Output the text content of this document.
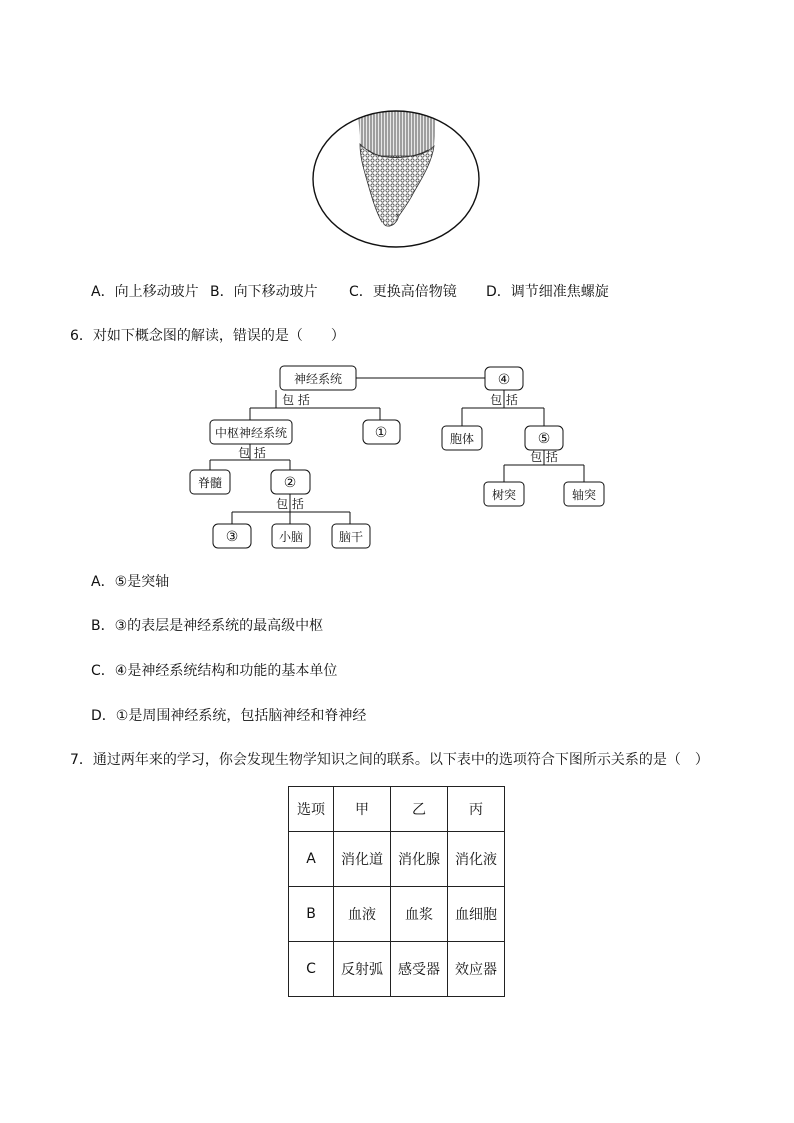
A．向上移动玻片 B．向下移动玻片 C．更换高倍物镜 D．调节细准焦螺旋
6．对如下概念图的解读，错误的是（　　）
神经系统	④
包 括	包 括
中枢神经系统	①	胞体	⑤
包 括	包 括
脊髓	②
树突	轴突
包 括
③	小脑	脑干
A．⑤是突轴
B．③的表层是神经系统的最高级中枢
C．④是神经系统结构和功能的基本单位
D．①是周围神经系统，包括脑神经和脊神经
7．通过两年来的学习，你会发现生物学知识之间的联系。以下表中的选项符合下图所示关系的是（　）
选项	甲	乙	丙
A	消化道	消化腺	消化液
B	血液	血浆	血细胞
C	反射弧	感受器	效应器
